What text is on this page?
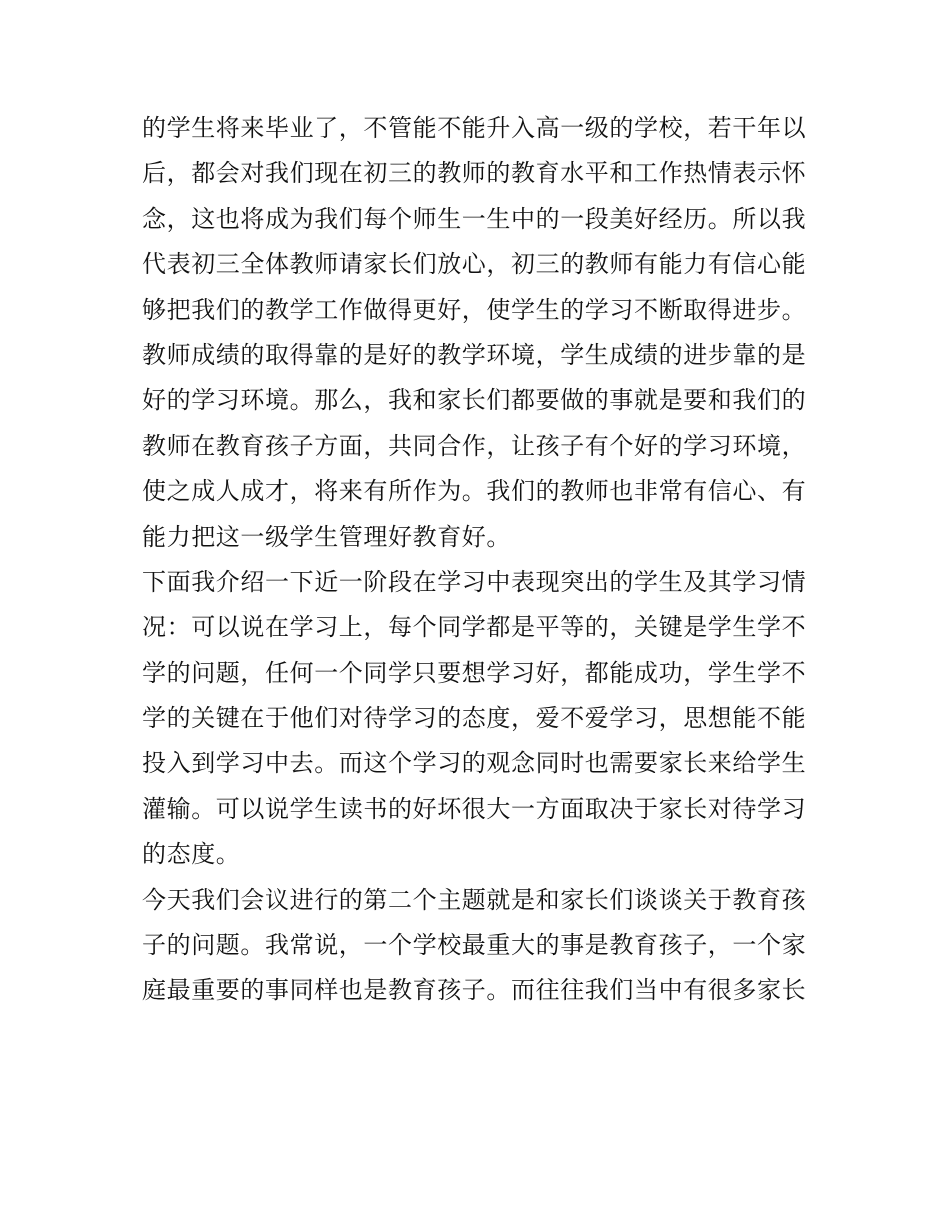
的学生将来毕业了，不管能不能升入高一级的学校，若干年以
后，都会对我们现在初三的教师的教育水平和工作热情表示怀
念，这也将成为我们每个师生一生中的一段美好经历。所以我
代表初三全体教师请家长们放心，初三的教师有能力有信心能
够把我们的教学工作做得更好，使学生的学习不断取得进步。
教师成绩的取得靠的是好的教学环境，学生成绩的进步靠的是
好的学习环境。那么，我和家长们都要做的事就是要和我们的
教师在教育孩子方面，共同合作，让孩子有个好的学习环境，
使之成人成才，将来有所作为。我们的教师也非常有信心、有
能力把这一级学生管理好教育好。
下面我介绍一下近一阶段在学习中表现突出的学生及其学习情
况：可以说在学习上，每个同学都是平等的，关键是学生学不
学的问题，任何一个同学只要想学习好，都能成功，学生学不
学的关键在于他们对待学习的态度，爱不爱学习，思想能不能
投入到学习中去。而这个学习的观念同时也需要家长来给学生
灌输。可以说学生读书的好坏很大一方面取决于家长对待学习
的态度。
今天我们会议进行的第二个主题就是和家长们谈谈关于教育孩
子的问题。我常说，一个学校最重大的事是教育孩子，一个家
庭最重要的事同样也是教育孩子。而往往我们当中有很多家长
